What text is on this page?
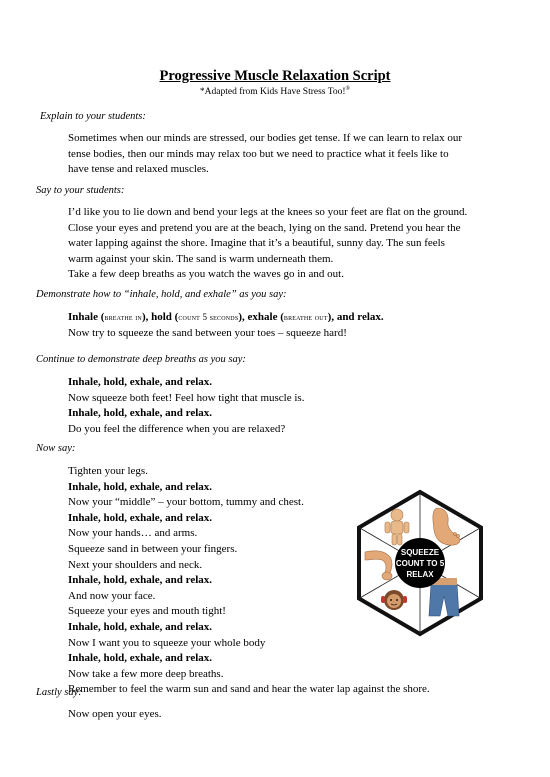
Progressive Muscle Relaxation Script
*Adapted from Kids Have Stress Too!®
Explain to your students:
Sometimes when our minds are stressed, our bodies get tense. If we can learn to relax our
tense bodies, then our minds may relax too but we need to practice what it feels like to
have tense and relaxed muscles.
Say to your students:
I’d like you to lie down and bend your legs at the knees so your feet are flat on the ground.
Close your eyes and pretend you are at the beach, lying on the sand. Pretend you hear the
water lapping against the shore. Imagine that it’s a beautiful, sunny day. The sun feels
warm against your skin. The sand is warm underneath them.
Take a few deep breaths as you watch the waves go in and out.
Demonstrate how to “inhale, hold, and exhale” as you say:
Inhale (breathe in), hold (count 5 seconds), exhale (breathe out), and relax.
Now try to squeeze the sand between your toes – squeeze hard!
Continue to demonstrate deep breaths as you say:
Inhale, hold, exhale, and relax.
Now squeeze both feet! Feel how tight that muscle is.
Inhale, hold, exhale, and relax.
Do you feel the difference when you are relaxed?
Now say:
Tighten your legs.
Inhale, hold, exhale, and relax.
Now your “middle” – your bottom, tummy and chest.
Inhale, hold, exhale, and relax.
Now your hands… and arms.
Squeeze sand in between your fingers.
Next your shoulders and neck.
Inhale, hold, exhale, and relax.
And now your face.
Squeeze your eyes and mouth tight!
Inhale, hold, exhale, and relax.
Now I want you to squeeze your whole body
Inhale, hold, exhale, and relax.
Now take a few more deep breaths.
Remember to feel the warm sun and sand and hear the water lap against the shore.
Lastly say:
Now open your eyes.
SQUEEZE
COUNT TO 5
RELAX
